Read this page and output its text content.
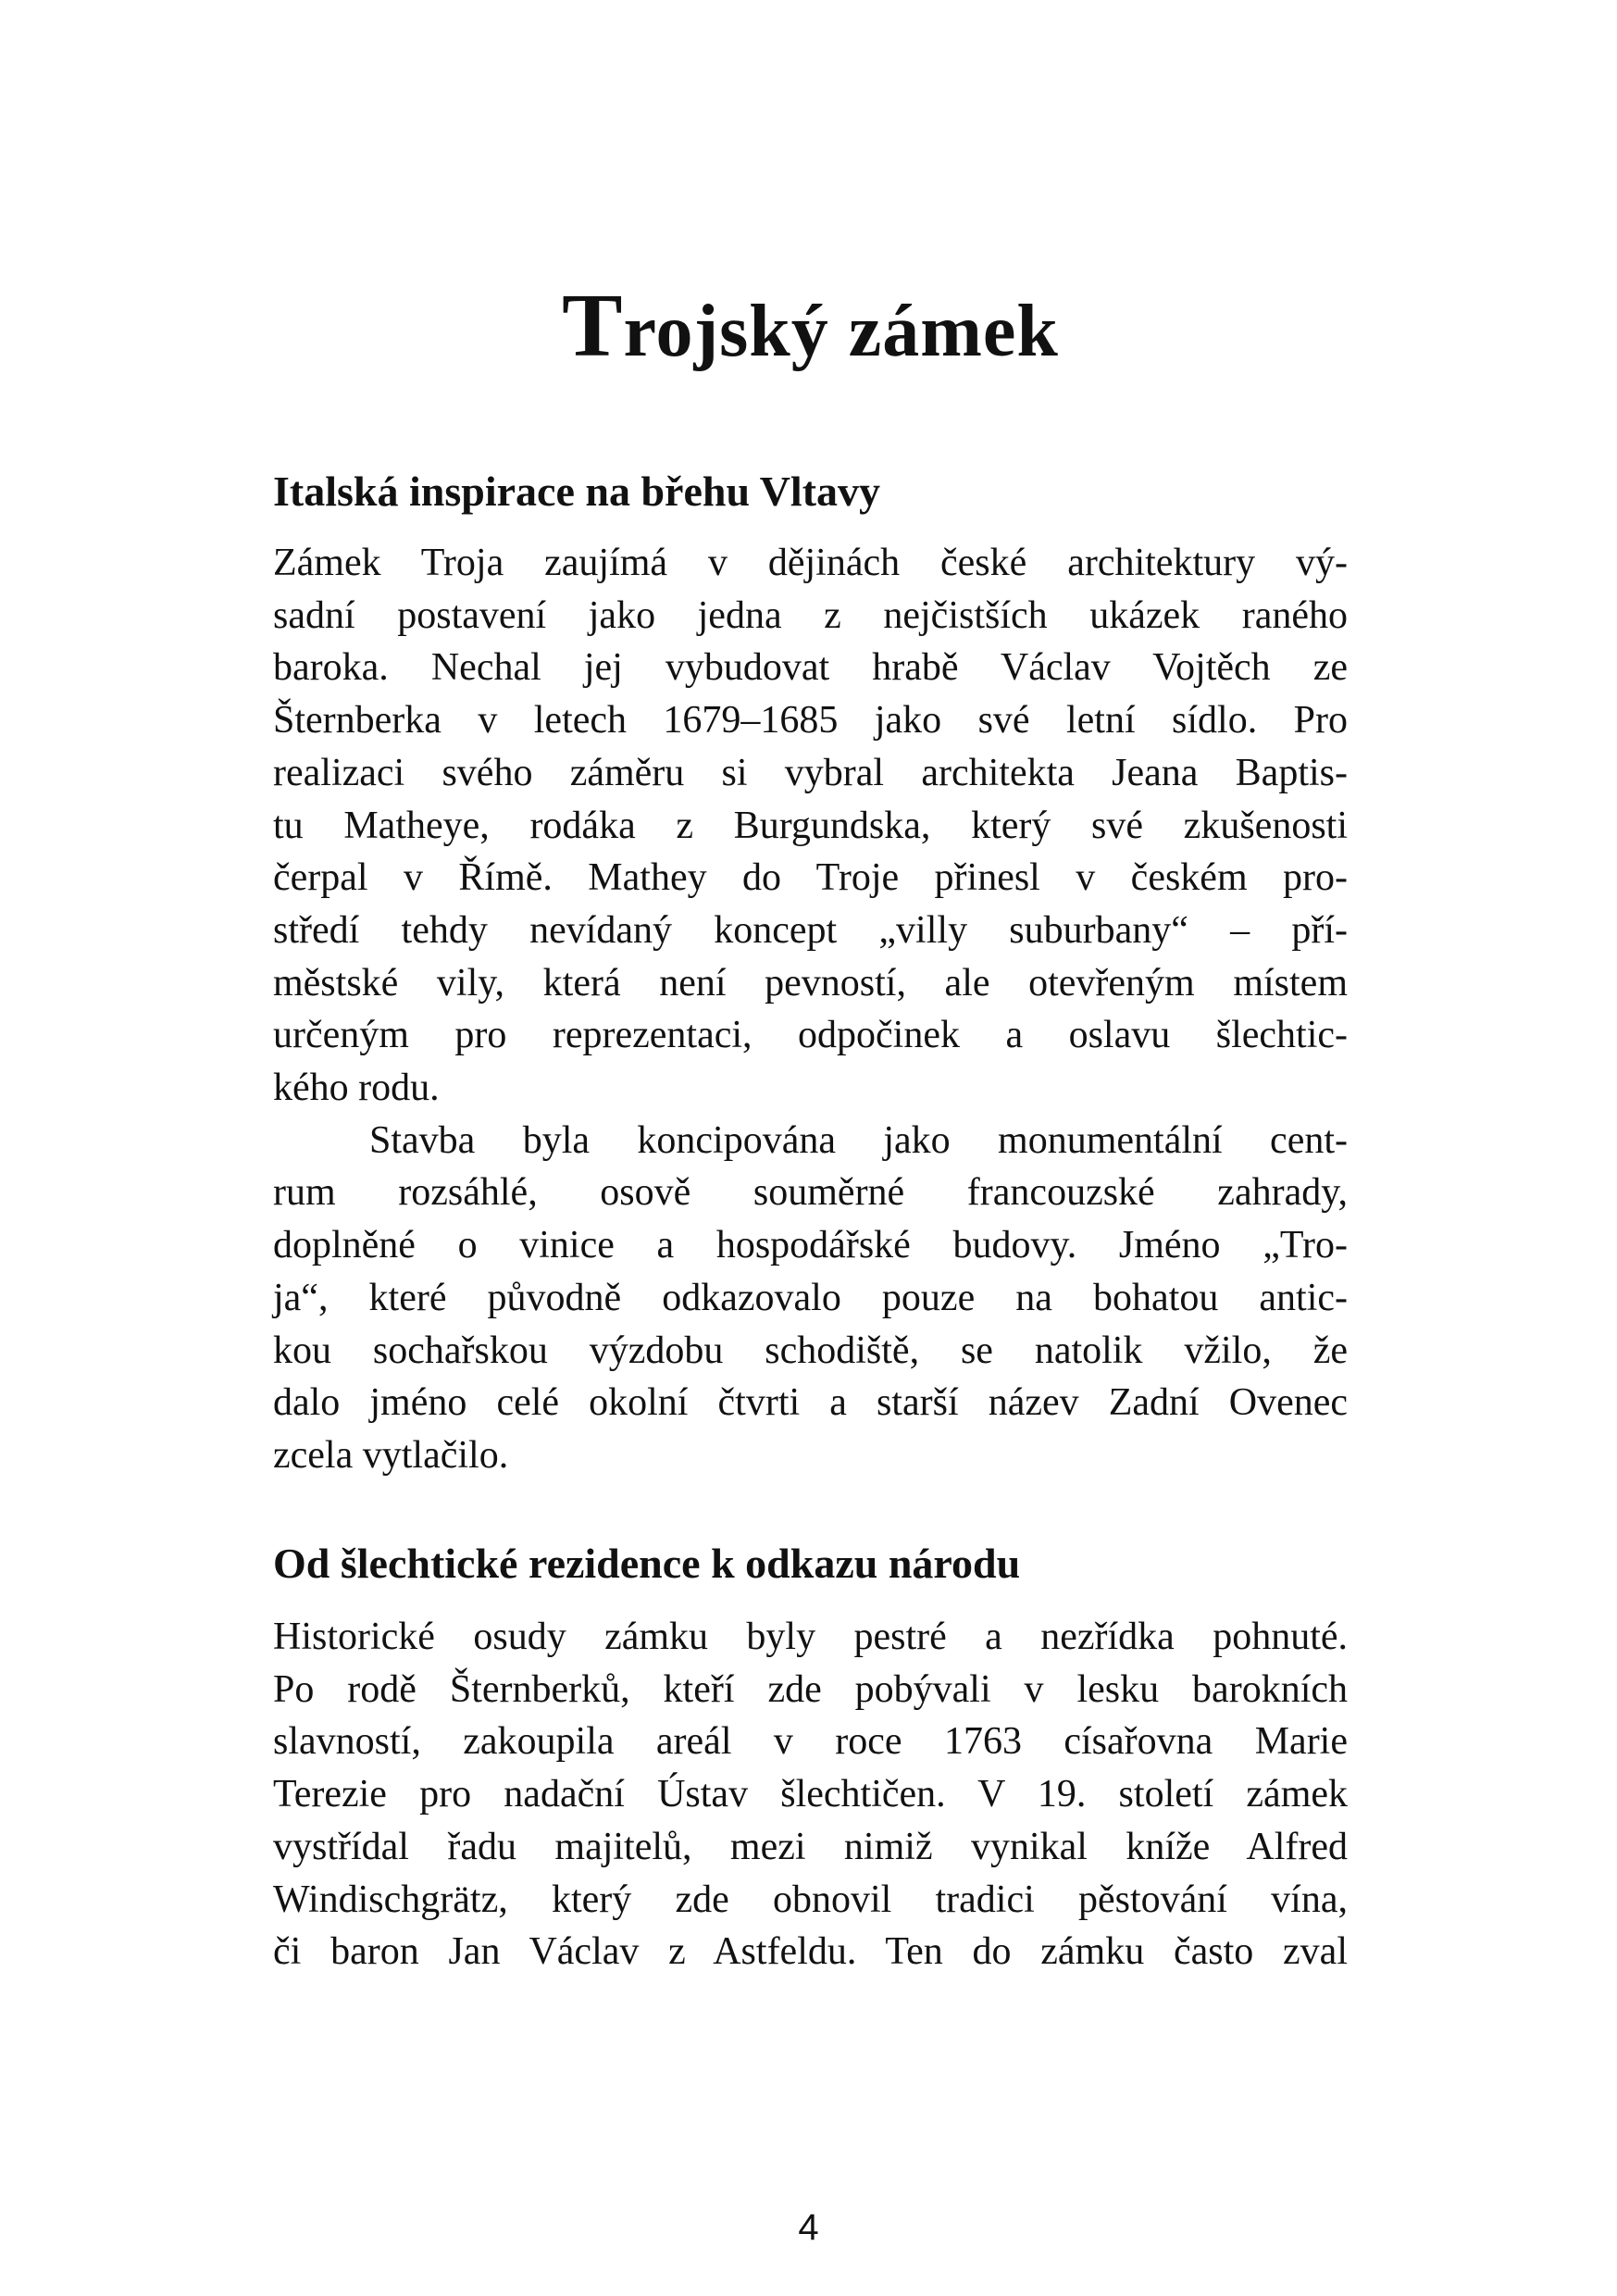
Trojský zámek
Italská inspirace na břehu Vltavy
Zámek Troja zaujímá v dějinách české architektury vý-
sadní postavení jako jedna z nejčistších ukázek raného
baroka. Nechal jej vybudovat hrabě Václav Vojtěch ze
Šternberka v letech 1679–1685 jako své letní sídlo. Pro
realizaci svého záměru si vybral architekta Jeana Baptis-
tu Matheye, rodáka z Burgundska, který své zkušenosti
čerpal v Římě. Mathey do Troje přinesl v českém pro-
středí tehdy nevídaný koncept „villy suburbany“ – pří-
městské vily, která není pevností, ale otevřeným místem
určeným pro reprezentaci, odpočinek a oslavu šlechtic-
kého rodu.
Stavba byla koncipována jako monumentální cent-
rum rozsáhlé, osově souměrné francouzské zahrady,
doplněné o vinice a hospodářské budovy. Jméno „Tro-
ja“, které původně odkazovalo pouze na bohatou antic-
kou sochařskou výzdobu schodiště, se natolik vžilo, že
dalo jméno celé okolní čtvrti a starší název Zadní Ovenec
zcela vytlačilo.
Od šlechtické rezidence k odkazu národu
Historické osudy zámku byly pestré a nezřídka pohnuté.
Po rodě Šternberků, kteří zde pobývali v lesku barokních
slavností, zakoupila areál v roce 1763 císařovna Marie
Terezie pro nadační Ústav šlechtičen. V 19. století zámek
vystřídal řadu majitelů, mezi nimiž vynikal kníže Alfred
Windischgrätz, který zde obnovil tradici pěstování vína,
či baron Jan Václav z Astfeldu. Ten do zámku často zval
4
